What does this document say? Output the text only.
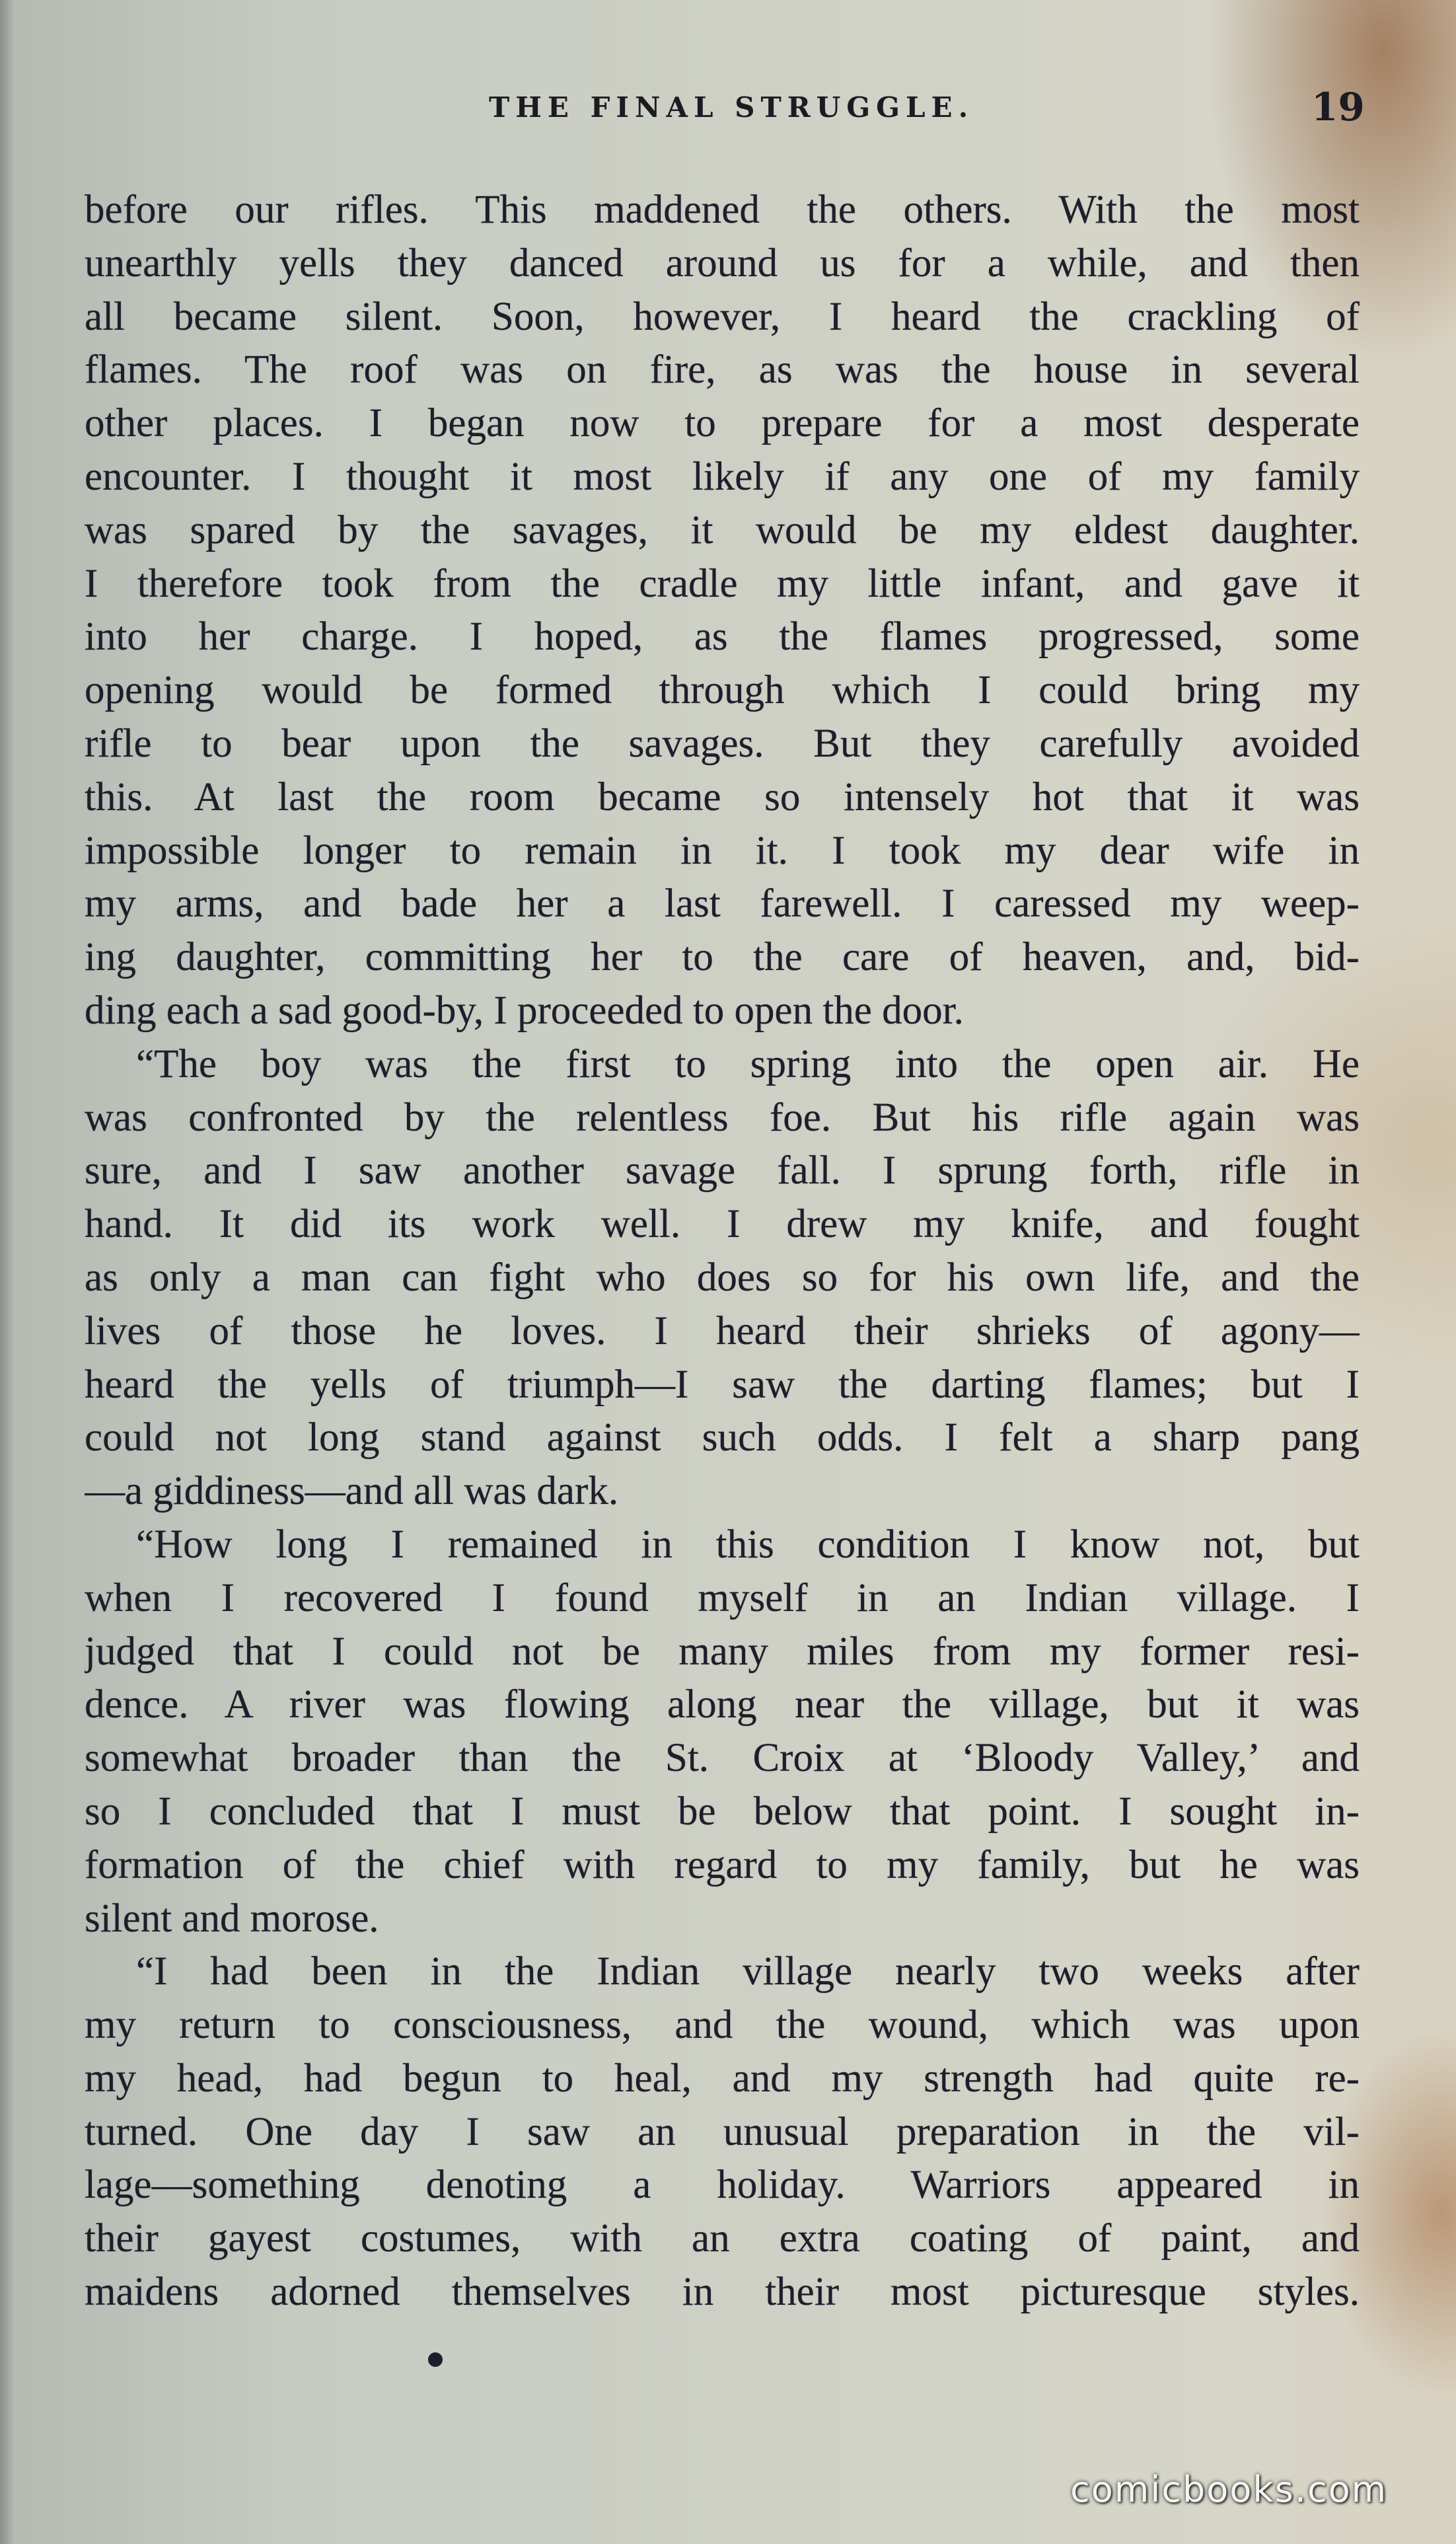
THE FINAL STRUGGLE.	19
before our rifles. This maddened the others. With the most
unearthly yells they danced around us for a while, and then
all became silent. Soon, however, I heard the crackling of
flames. The roof was on fire, as was the house in several
other places. I began now to prepare for a most desperate
encounter. I thought it most likely if any one of my family
was spared by the savages, it would be my eldest daughter.
I therefore took from the cradle my little infant, and gave it
into her charge. I hoped, as the flames progressed, some
opening would be formed through which I could bring my
rifle to bear upon the savages. But they carefully avoided
this. At last the room became so intensely hot that it was
impossible longer to remain in it. I took my dear wife in
my arms, and bade her a last farewell. I caressed my weep-
ing daughter, committing her to the care of heaven, and, bid-
ding each a sad good-by, I proceeded to open the door.
“The boy was the first to spring into the open air. He
was confronted by the relentless foe. But his rifle again was
sure, and I saw another savage fall. I sprung forth, rifle in
hand. It did its work well. I drew my knife, and fought
as only a man can fight who does so for his own life, and the
lives of those he loves. I heard their shrieks of agony—
heard the yells of triumph—I saw the darting flames; but I
could not long stand against such odds. I felt a sharp pang
—a giddiness—and all was dark.
“How long I remained in this condition I know not, but
when I recovered I found myself in an Indian village. I
judged that I could not be many miles from my former resi-
dence. A river was flowing along near the village, but it was
somewhat broader than the St. Croix at ‘Bloody Valley,’ and
so I concluded that I must be below that point. I sought in-
formation of the chief with regard to my family, but he was
silent and morose.
“I had been in the Indian village nearly two weeks after
my return to consciousness, and the wound, which was upon
my head, had begun to heal, and my strength had quite re-
turned. One day I saw an unusual preparation in the vil-
lage—something denoting a holiday. Warriors appeared in
their gayest costumes, with an extra coating of paint, and
maidens adorned themselves in their most picturesque styles.
comicbooks.com
